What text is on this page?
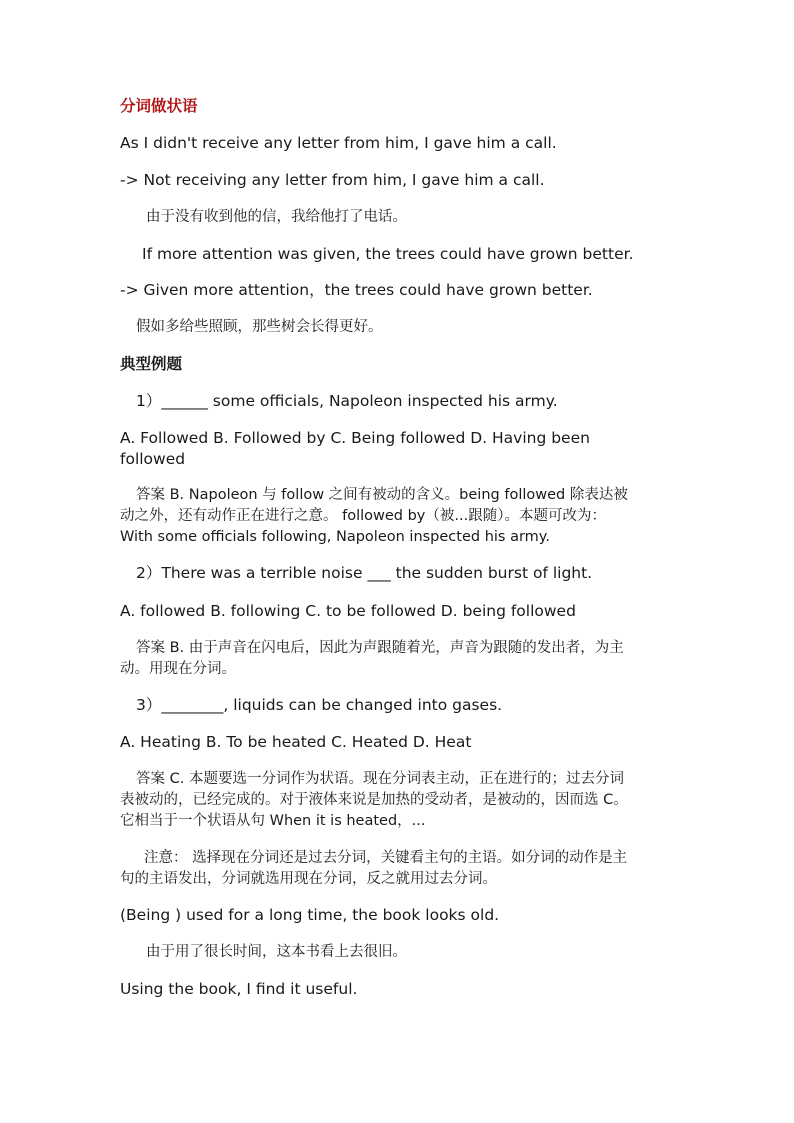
分词做状语
As I didn't receive any letter from him, I gave him a call.
-> Not receiving any letter from him, I gave him a call.
由于没有收到他的信，我给他打了电话。
If more attention was given, the trees could have grown better.
-> Given more attention，the trees could have grown better.
假如多给些照顾，那些树会长得更好。
典型例题
1）______ some officials, Napoleon inspected his army.
A. Followed B. Followed by C. Being followed D. Having been
followed
答案 B. Napoleon 与 follow 之间有被动的含义。being followed 除表达被
动之外，还有动作正在进行之意。 followed by（被...跟随）。本题可改为：
With some officials following, Napoleon inspected his army.
2）There was a terrible noise ___ the sudden burst of light.
A. followed B. following C. to be followed D. being followed
答案 B. 由于声音在闪电后，因此为声跟随着光，声音为跟随的发出者，为主
动。用现在分词。
3）________, liquids can be changed into gases.
A. Heating B. To be heated C. Heated D. Heat
答案 C. 本题要选一分词作为状语。现在分词表主动，正在进行的；过去分词
表被动的，已经完成的。对于液体来说是加热的受动者，是被动的，因而选 C。
它相当于一个状语从句 When it is heated，...
注意： 选择现在分词还是过去分词，关键看主句的主语。如分词的动作是主
句的主语发出，分词就选用现在分词，反之就用过去分词。
(Being ) used for a long time, the book looks old.
由于用了很长时间，这本书看上去很旧。
Using the book, I find it useful.
